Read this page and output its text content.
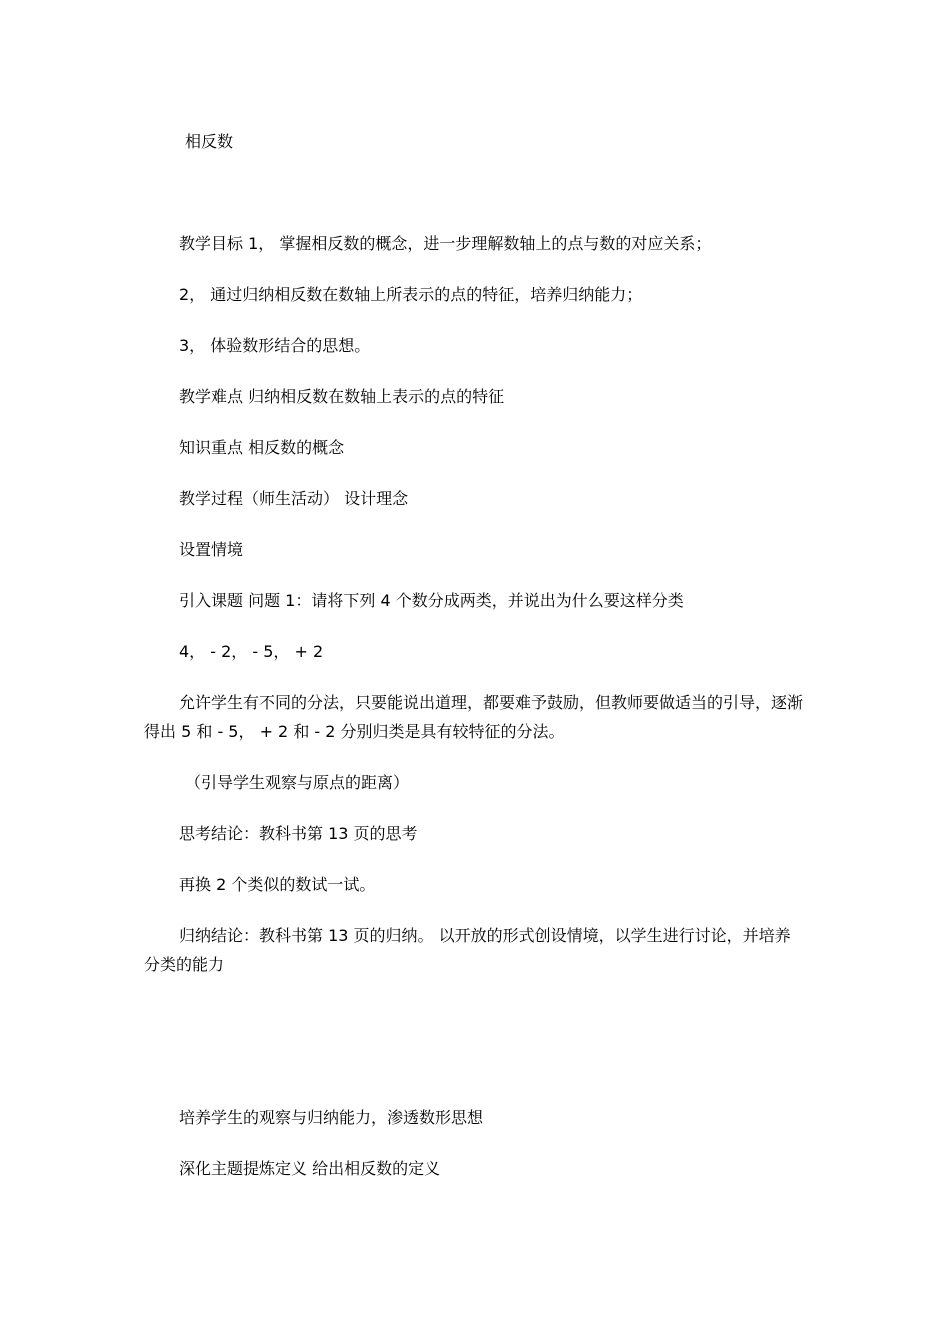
相反数
教学目标 1， 掌握相反数的概念，进一步理解数轴上的点与数的对应关系；
2， 通过归纳相反数在数轴上所表示的点的特征，培养归纳能力；
3， 体验数形结合的思想。
教学难点 归纳相反数在数轴上表示的点的特征
知识重点 相反数的概念
教学过程（师生活动） 设计理念
设置情境
引入课题 问题 1：请将下列 4 个数分成两类，并说出为什么要这样分类
4， - 2， - 5， + 2
允许学生有不同的分法，只要能说出道理，都要难予鼓励，但教师要做适当的引导，逐渐得出 5 和 - 5， + 2 和 - 2 分别归类是具有较特征的分法。
（引导学生观察与原点的距离）
思考结论：教科书第 13 页的思考
再换 2 个类似的数试一试。
归纳结论：教科书第 13 页的归纳。 以开放的形式创设情境，以学生进行讨论，并培养分类的能力
培养学生的观察与归纳能力，渗透数形思想
深化主题提炼定义 给出相反数的定义
